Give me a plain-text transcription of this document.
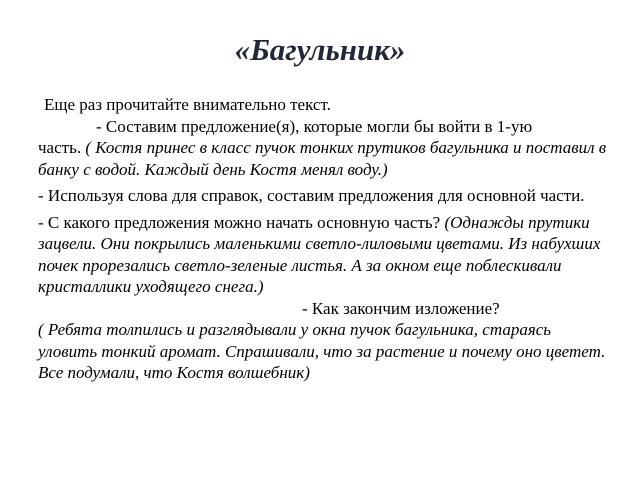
«Багульник»

Еще раз прочитайте внимательно текст.

- Составим предложение(я), которые могли бы войти в 1-ую
часть. ( Костя принес в класс пучок тонких прутиков багульника и поставил в банку с водой. Каждый день Костя менял воду.)

- Используя слова для справок, составим предложения для основной части.

- С какого предложения можно начать основную часть? (Однажды прутики зацвели. Они покрылись маленькими светло-лиловыми цветами. Из набухших почек прорезались светло-зеленые листья. А за окном еще поблескивали кристаллики уходящего снега.)
- Как закончим изложение?
( Ребята толпились и разглядывали у окна пучок багульника, стараясь уловить тонкий аромат. Спрашивали, что за растение и почему оно цветет. Все подумали, что Костя волшебник)
